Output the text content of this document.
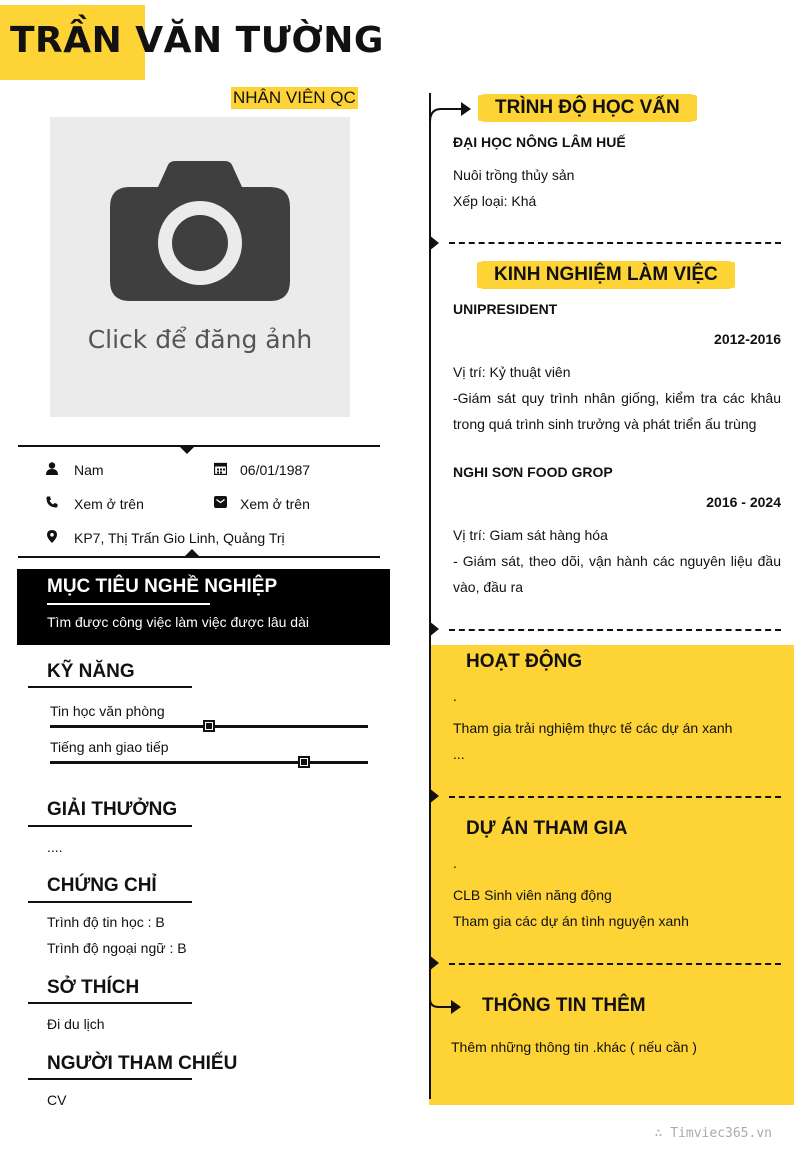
TRẦN VĂN TƯỜNG
NHÂN VIÊN QC
Click để đăng ảnh
Nam	06/01/1987
Xem ở trên	Xem ở trên
KP7, Thị Trấn Gio Linh, Quảng Trị
MỤC TIÊU NGHỀ NGHIỆP

Tìm được công việc làm việc được lâu dài

KỸ NĂNG
Tin học văn phòng
Tiếng anh giao tiếp
GIẢI THƯỞNG
....
CHỨNG CHỈ
Trình độ tin học : B
Trình độ ngoại ngữ : B
SỞ THÍCH
Đi du lịch
NGƯỜI THAM CHIẾU
CV
TRÌNH ĐỘ HỌC VẤN
ĐẠI HỌC NÔNG LÂM HUẾ
Nuôi trồng thủy sản
Xếp loại: Khá
KINH NGHIỆM LÀM VIỆC
UNIPRESIDENT
2012-2016
Vị trí: Kỷ thuật viên
-Giám sát quy trình nhân giống, kiểm tra các khâu trong quá trình sinh trưởng và phát triển ấu trùng
NGHI SƠN FOOD GROP
2016 - 2024
Vị trí: Giam sát hàng hóa
- Giám sát, theo dõi, vận hành các nguyên liệu đầu vào, đầu ra
HOẠT ĐỘNG
.
Tham gia trải nghiệm thực tế các dự án xanh
...
DỰ ÁN THAM GIA
.
CLB Sinh viên năng động
Tham gia các dự án tình nguyện xanh
THÔNG TIN THÊM
Thêm những thông tin .khác ( nếu cần )
∴ Timviec365.vn
